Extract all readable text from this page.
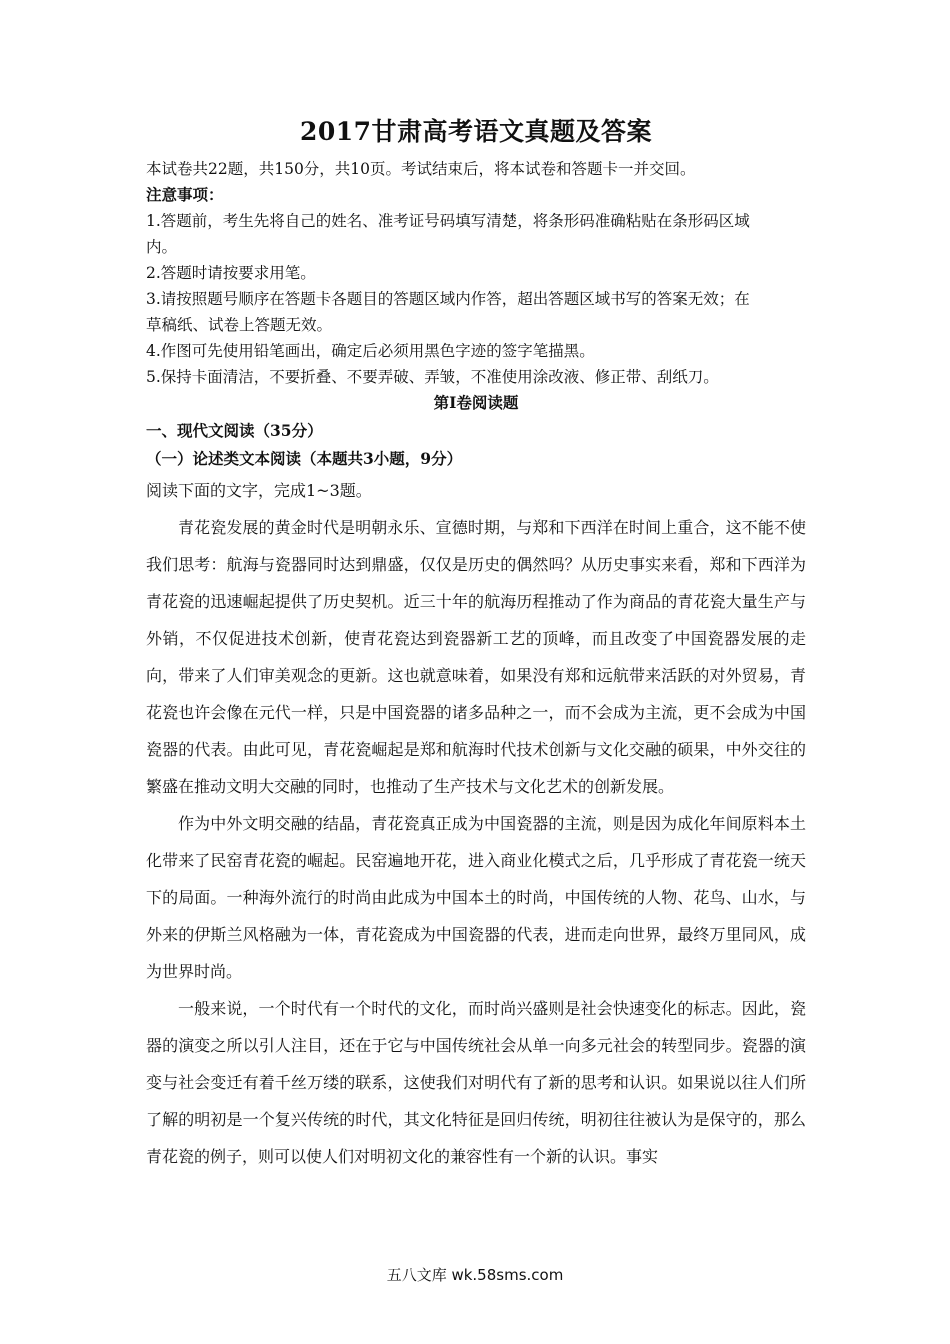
2017甘肃高考语文真题及答案

本试卷共22题，共150分，共10页。考试结束后，将本试卷和答题卡一并交回。

注意事项：

1.答题前，考生先将自己的姓名、准考证号码填写清楚，将条形码准确粘贴在条形码区域

内。

2.答题时请按要求用笔。

3.请按照题号顺序在答题卡各题目的答题区域内作答，超出答题区域书写的答案无效；在

草稿纸、试卷上答题无效。

4.作图可先使用铅笔画出，确定后必须用黑色字迹的签字笔描黑。

5.保持卡面清洁，不要折叠、不要弄破、弄皱，不准使用涂改液、修正带、刮纸刀。

第Ⅰ卷阅读题

一、现代文阅读（35分）

（一）论述类文本阅读（本题共3小题，9分）

阅读下面的文字，完成1~3题。

青花瓷发展的黄金时代是明朝永乐、宣德时期，与郑和下西洋在时间上重合，这不能不使我们思考：航海与瓷器同时达到鼎盛，仅仅是历史的偶然吗？从历史事实来看，郑和下西洋为青花瓷的迅速崛起提供了历史契机。近三十年的航海历程推动了作为商品的青花瓷大量生产与外销，不仅促进技术创新，使青花瓷达到瓷器新工艺的顶峰，而且改变了中国瓷器发展的走向，带来了人们审美观念的更新。这也就意味着，如果没有郑和远航带来活跃的对外贸易，青花瓷也许会像在元代一样，只是中国瓷器的诸多品种之一，而不会成为主流，更不会成为中国瓷器的代表。由此可见，青花瓷崛起是郑和航海时代技术创新与文化交融的硕果，中外交往的繁盛在推动文明大交融的同时，也推动了生产技术与文化艺术的创新发展。

作为中外文明交融的结晶，青花瓷真正成为中国瓷器的主流，则是因为成化年间原料本土化带来了民窑青花瓷的崛起。民窑遍地开花，进入商业化模式之后，几乎形成了青花瓷一统天下的局面。一种海外流行的时尚由此成为中国本土的时尚，中国传统的人物、花鸟、山水，与外来的伊斯兰风格融为一体，青花瓷成为中国瓷器的代表，进而走向世界，最终万里同风，成为世界时尚。

一般来说，一个时代有一个时代的文化，而时尚兴盛则是社会快速变化的标志。因此，瓷器的演变之所以引人注目，还在于它与中国传统社会从单一向多元社会的转型同步。瓷器的演变与社会变迁有着千丝万缕的联系，这使我们对明代有了新的思考和认识。如果说以往人们所了解的明初是一个复兴传统的时代，其文化特征是回归传统，明初往往被认为是保守的，那么青花瓷的例子，则可以使人们对明初文化的兼容性有一个新的认识。事实

五八文库 wk.58sms.com
